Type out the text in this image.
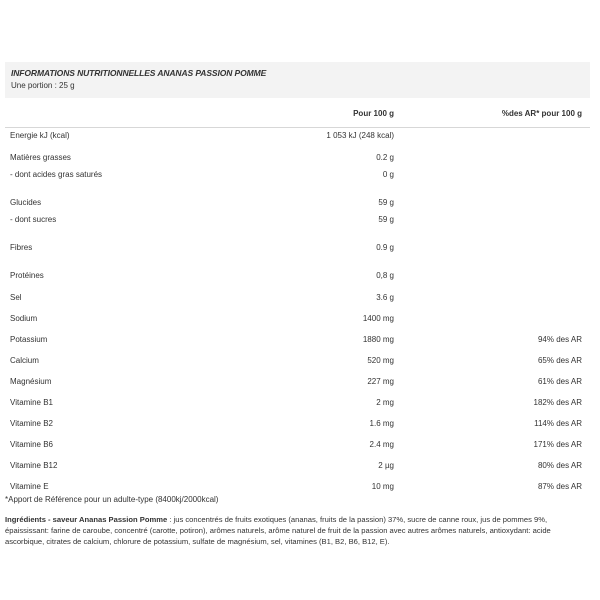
INFORMATIONS NUTRITIONNELLES ANANAS PASSION POMME
Une portion : 25 g
Pour 100 g	%des AR* pour 100 g
Energie kJ (kcal)	1 053 kJ (248 kcal)
Matières grasses	0.2 g
- dont acides gras saturés	0 g
Glucides	59 g
- dont sucres	59 g
Fibres	0.9 g
Protéines	0,8 g
Sel	3.6 g
Sodium	1400 mg
Potassium	1880 mg	94% des AR
Calcium	520 mg	65% des AR
Magnésium	227 mg	61% des AR
Vitamine B1	2 mg	182% des AR
Vitamine B2	1.6 mg	114% des AR
Vitamine B6	2.4 mg	171% des AR
Vitamine B12	2 µg	80% des AR
Vitamine E	10 mg	87% des AR
*Apport de Référence pour un adulte-type (8400kj/2000kcal)
Ingrédients - saveur Ananas Passion Pomme : jus concentrés de fruits exotiques (ananas, fruits de la passion) 37%, sucre de canne roux, jus de pommes 9%, épaississant: farine de caroube, concentré (carotte, potiron), arômes naturels, arôme naturel de fruit de la passion avec autres arômes naturels, antioxydant: acide ascorbique, citrates de calcium, chlorure de potassium, sulfate de magnésium, sel, vitamines (B1, B2, B6, B12, E).
